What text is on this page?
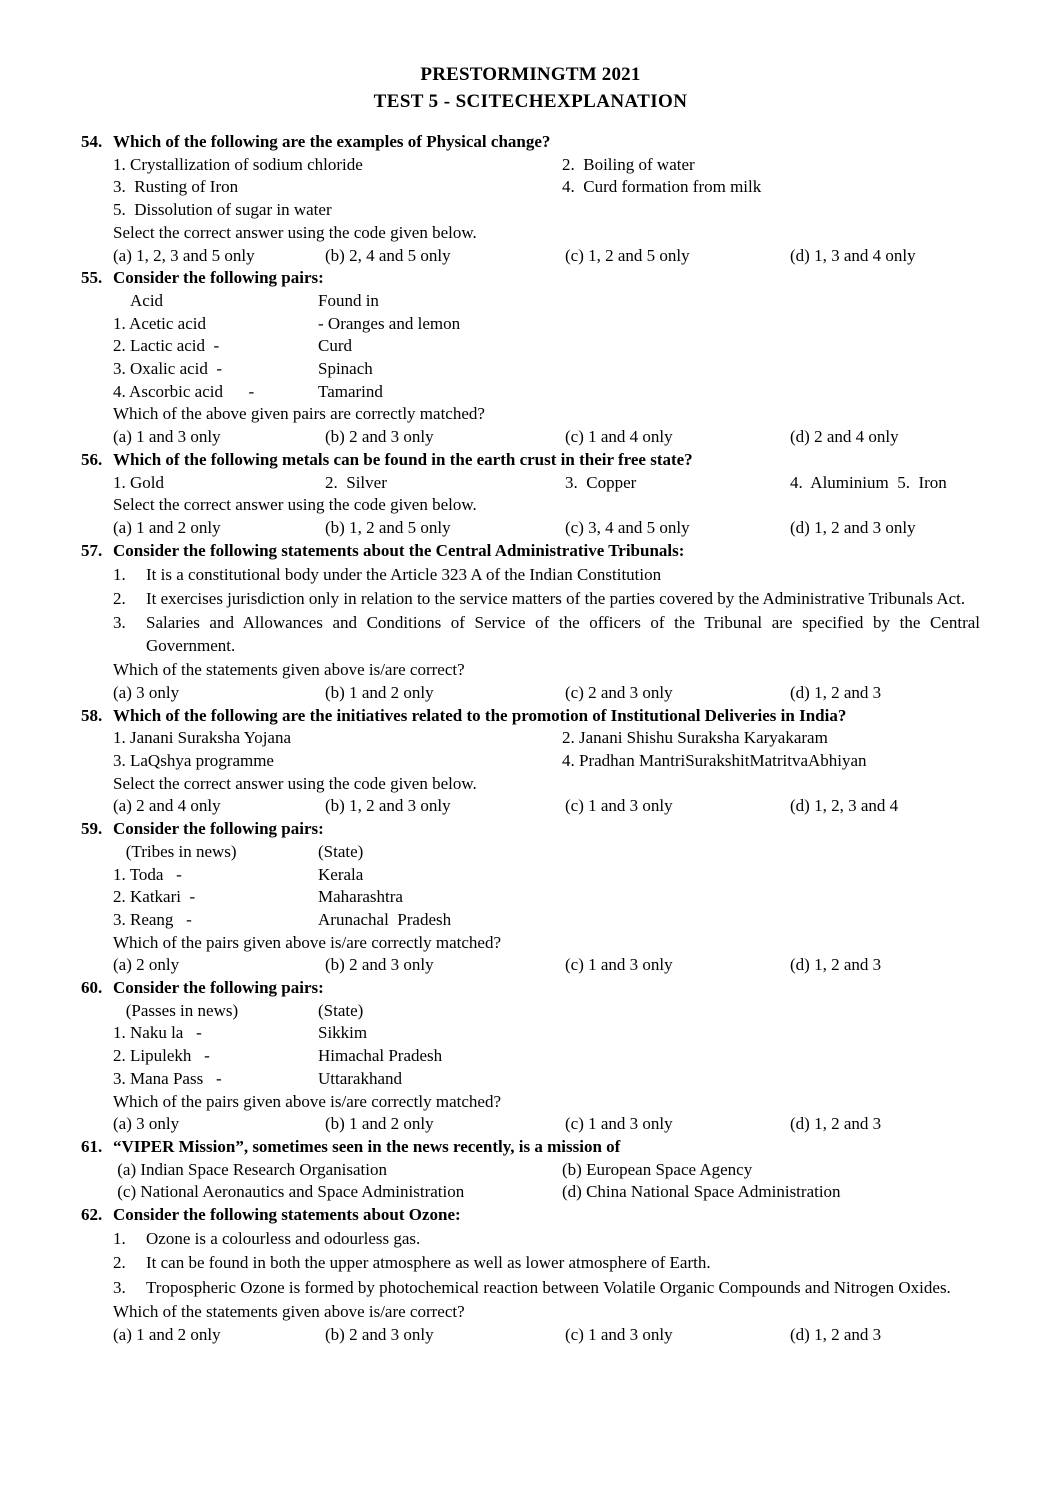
PRESTORMINGTM 2021
TEST 5 - SCITECHEXPLANATION
54. Which of the following are the examples of Physical change?
1. Crystallization of sodium chloride	2.  Boiling of water
3.  Rusting of Iron	4.  Curd formation from milk
5.  Dissolution of sugar in water
Select the correct answer using the code given below.
(a) 1, 2, 3 and 5 only	(b) 2, 4 and 5 only	(c) 1, 2 and 5 only	(d) 1, 3 and 4 only
55. Consider the following pairs:
Acid	Found in
1. Acetic acid	- Oranges and lemon
2. Lactic acid  -	Curd
3. Oxalic acid  -	Spinach
4. Ascorbic acid      -	Tamarind
Which of the above given pairs are correctly matched?
(a) 1 and 3 only	(b) 2 and 3 only	(c) 1 and 4 only	(d) 2 and 4 only
56. Which of the following metals can be found in the earth crust in their free state?
1. Gold	2.  Silver	3.  Copper	4.  Aluminium  5.  Iron
Select the correct answer using the code given below.
(a) 1 and 2 only	(b) 1, 2 and 5 only	(c) 3, 4 and 5 only	(d) 1, 2 and 3 only
57. Consider the following statements about the Central Administrative Tribunals:
1.	It is a constitutional body under the Article 323 A of the Indian Constitution
2.	It exercises jurisdiction only in relation to the service matters of the parties covered by the Administrative Tribunals Act.
3.	Salaries and Allowances and Conditions of Service of the officers of the Tribunal are specified by the Central Government.
Which of the statements given above is/are correct?
(a) 3 only	(b) 1 and 2 only	(c) 2 and 3 only	(d) 1, 2 and 3
58. Which of the following are the initiatives related to the promotion of Institutional Deliveries in India?
1. Janani Suraksha Yojana	2. Janani Shishu Suraksha Karyakaram
3. LaQshya programme	4. Pradhan MantriSurakshitMatritvaAbhiyan
Select the correct answer using the code given below.
(a) 2 and 4 only	(b) 1, 2 and 3 only	(c) 1 and 3 only	(d) 1, 2, 3 and 4
59. Consider the following pairs:
(Tribes in news)	(State)
1. Toda   -	Kerala
2. Katkari  -	Maharashtra
3. Reang   -	Arunachal  Pradesh
Which of the pairs given above is/are correctly matched?
(a) 2 only	(b) 2 and 3 only	(c) 1 and 3 only	(d) 1, 2 and 3
60. Consider the following pairs:
(Passes in news)	(State)
1. Naku la   -	Sikkim
2. Lipulekh   -	Himachal Pradesh
3. Mana Pass   -	Uttarakhand
Which of the pairs given above is/are correctly matched?
(a) 3 only	(b) 1 and 2 only	(c) 1 and 3 only	(d) 1, 2 and 3
61. “VIPER Mission”, sometimes seen in the news recently, is a mission of
(a) Indian Space Research Organisation	(b) European Space Agency
(c) National Aeronautics and Space Administration	(d) China National Space Administration
62. Consider the following statements about Ozone:
1.	Ozone is a colourless and odourless gas.
2.	It can be found in both the upper atmosphere as well as lower atmosphere of Earth.
3.	Tropospheric Ozone is formed by photochemical reaction between Volatile Organic Compounds and Nitrogen Oxides.
Which of the statements given above is/are correct?
(a) 1 and 2 only	(b) 2 and 3 only	(c) 1 and 3 only	(d) 1, 2 and 3
